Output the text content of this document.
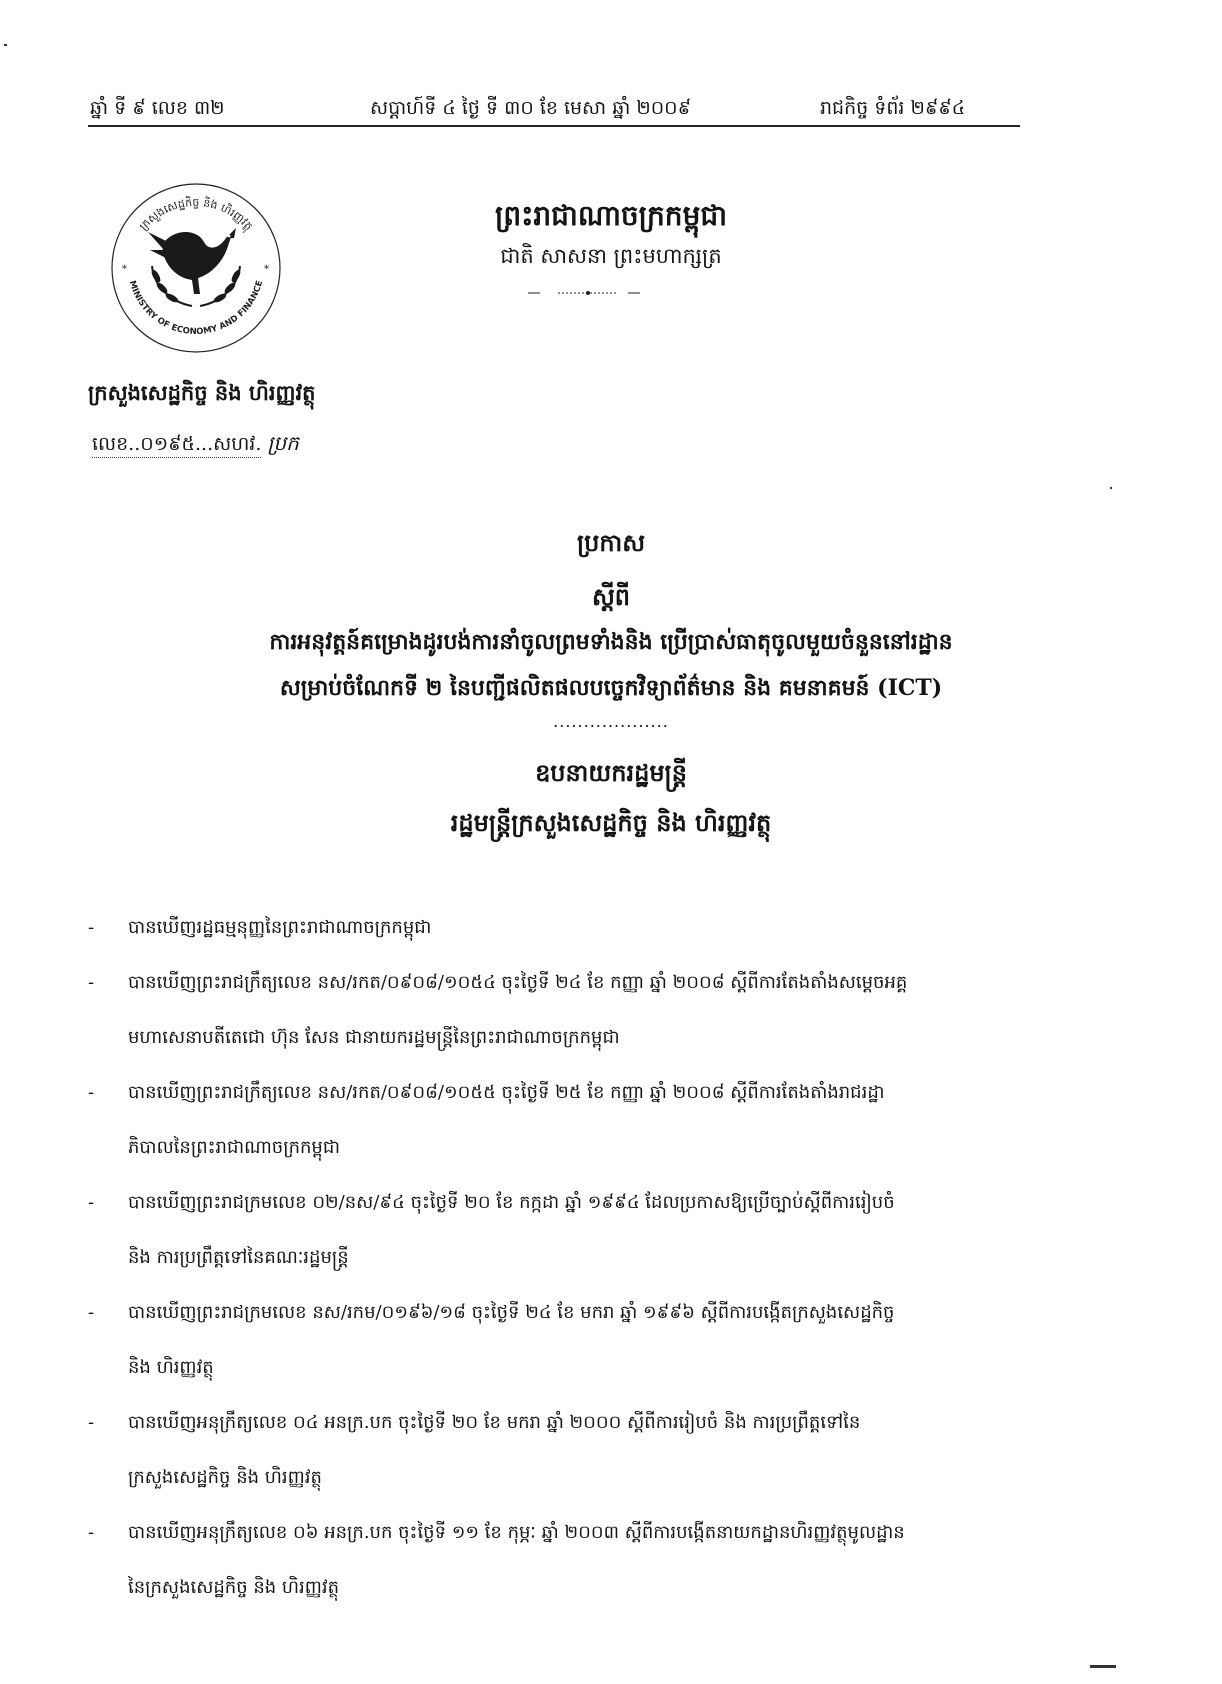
ឆ្នាំ ទី ៩ លេខ ៣២	សប្តាហ៍ទី ៤ ថ្ងៃ ទី ៣០ ខែ មេសា ឆ្នាំ ២០០៩	រាជកិច្ច ទំព័រ ២៩៩៤
ក្រសួងសេដ្ឋកិច្ច និង ហិរញ្ញវត្ថុ
MINISTRY OF ECONOMY AND FINANCE
*	*
ក្រសួងសេដ្ឋកិច្ច និង ហិរញ្ញវត្ថុ
លេខ..០១៩៥...សហវ. ប្រក
ព្រះរាជាណាចក្រកម្ពុជា
ជាតិ សាសនា ព្រះមហាក្សត្រ
ប្រកាស
ស្តីពី
ការអនុវត្តន៍គម្រោងដូរបង់ការនាំចូលព្រមទាំងនិង ប្រើប្រាស់ធាតុចូលមួយចំនួននៅរដ្ឋាន
សម្រាប់ចំណែកទី ២ នៃបញ្ជីផលិតផលបច្ចេកវិទ្យាព័ត៌មាន និង គមនាគមន៍ (ICT)
...................
ឧបនាយករដ្ឋមន្ត្រី
រដ្ឋមន្ត្រីក្រសួងសេដ្ឋកិច្ច និង ហិរញ្ញវត្ថុ
- បានឃើញរដ្ឋធម្មនុញ្ញនៃព្រះរាជាណាចក្រកម្ពុជា
- បានឃើញព្រះរាជក្រឹត្យលេខ នស/រកត/០៩០៨/១០៥៤ ចុះថ្ងៃទី ២៤ ខែ កញ្ញា ឆ្នាំ ២០០៨ ស្តីពីការតែងតាំងសម្តេចអគ្គ
មហាសេនាបតីតេជោ ហ៊ុន សែន ជានាយករដ្ឋមន្ត្រីនៃព្រះរាជាណាចក្រកម្ពុជា
- បានឃើញព្រះរាជក្រឹត្យលេខ នស/រកត/០៩០៨/១០៥៥ ចុះថ្ងៃទី ២៥ ខែ កញ្ញា ឆ្នាំ ២០០៨ ស្តីពីការតែងតាំងរាជរដ្ឋា
ភិបាលនៃព្រះរាជាណាចក្រកម្ពុជា
- បានឃើញព្រះរាជក្រមលេខ ០២/នស/៩៤ ចុះថ្ងៃទី ២០ ខែ កក្កដា ឆ្នាំ ១៩៩៤ ដែលប្រកាសឱ្យប្រើច្បាប់ស្តីពីការរៀបចំ
និង ការប្រព្រឹត្តទៅនៃគណៈរដ្ឋមន្ត្រី
- បានឃើញព្រះរាជក្រមលេខ នស/រកម/០១៩៦/១៨ ចុះថ្ងៃទី ២៤ ខែ មករា ឆ្នាំ ១៩៩៦ ស្តីពីការបង្កើតក្រសួងសេដ្ឋកិច្ច
និង ហិរញ្ញវត្ថុ
- បានឃើញអនុក្រឹត្យលេខ ០៤ អនក្រ.បក ចុះថ្ងៃទី ២០ ខែ មករា ឆ្នាំ ២០០០ ស្តីពីការរៀបចំ និង ការប្រព្រឹត្តទៅនៃ
ក្រសួងសេដ្ឋកិច្ច និង ហិរញ្ញវត្ថុ
- បានឃើញអនុក្រឹត្យលេខ ០៦ អនក្រ.បក ចុះថ្ងៃទី ១១ ខែ កុម្ភៈ ឆ្នាំ ២០០៣ ស្តីពីការបង្កើតនាយកដ្ឋានហិរញ្ញវត្ថុមូលដ្ឋាន
នៃក្រសួងសេដ្ឋកិច្ច និង ហិរញ្ញវត្ថុ
